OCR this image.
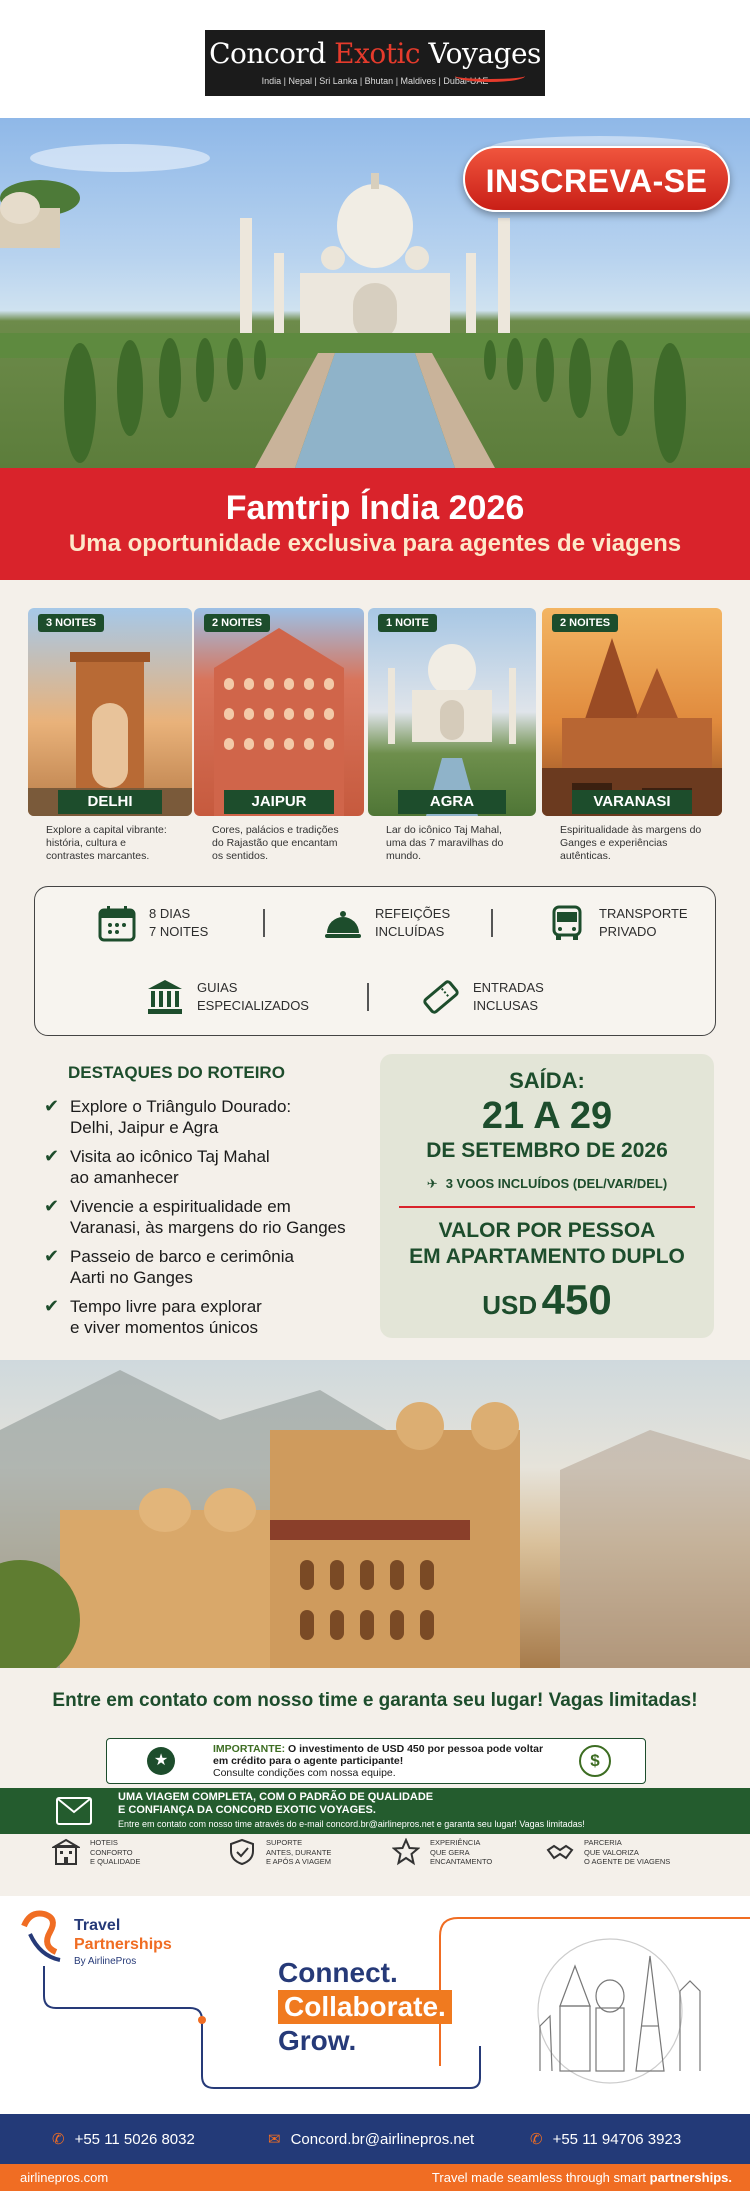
Concord Exotic Voyages
India | Nepal | Sri Lanka | Bhutan | Maldives | Dubai-UAE
INSCREVA-SE
Famtrip Índia 2026
Uma oportunidade exclusiva para agentes de viagens
3 NOITES
DELHI
Explore a capital vibrante: história, cultura e contrastes marcantes.
2 NOITES
JAIPUR
Cores, palácios e tradições do Rajastão que encantam os sentidos.
1 NOITE
AGRA
Lar do icônico Taj Mahal, uma das 7 maravilhas do mundo.
2 NOITES
VARANASI
Espiritualidade às margens do Ganges e experiências autênticas.
8 DIAS
7 NOITES
REFEIÇÕES
INCLUÍDAS
TRANSPORTE
PRIVADO
GUIAS
ESPECIALIZADOS
ENTRADAS
INCLUSAS
DESTAQUES DO ROTEIRO
✔ Explore o Triângulo Dourado:
Delhi, Jaipur e Agra
✔ Visita ao icônico Taj Mahal
ao amanhecer
✔ Vivencie a espiritualidade em
Varanasi, às margens do rio Ganges
✔ Passeio de barco e cerimônia
Aarti no Ganges
✔ Tempo livre para explorar
e viver momentos únicos
SAÍDA:
21 A 29
DE SETEMBRO DE 2026
✈ 3 VOOS INCLUÍDOS (DEL/VAR/DEL)
VALOR POR PESSOA
EM APARTAMENTO DUPLO
USD 450
Entre em contato com nosso time e garanta seu lugar! Vagas limitadas!
★
IMPORTANTE: O investimento de USD 450 por pessoa pode voltar em crédito para o agente participante!
Consulte condições com nossa equipe.
$
UMA VIAGEM COMPLETA, COM O PADRÃO DE QUALIDADE
E CONFIANÇA DA CONCORD EXOTIC VOYAGES.
Entre em contato com nosso time através do e-mail concord.br@airlinepros.net e garanta seu lugar! Vagas limitadas!
HOTEIS
CONFORTO
E QUALIDADE
SUPORTE
ANTES, DURANTE
E APÓS A VIAGEM
EXPERIÊNCIA
QUE GERA
ENCANTAMENTO
PARCERIA
QUE VALORIZA
O AGENTE DE VIAGENS
Travel
Partnerships
By AirlinePros	Connect.
Collaborate.
Grow.
✆ +55 11 5026 8032	✉ Concord.br@airlinepros.net	✆ +55 11 94706 3923
airlinepros.com	Travel made seamless through smart partnerships.
